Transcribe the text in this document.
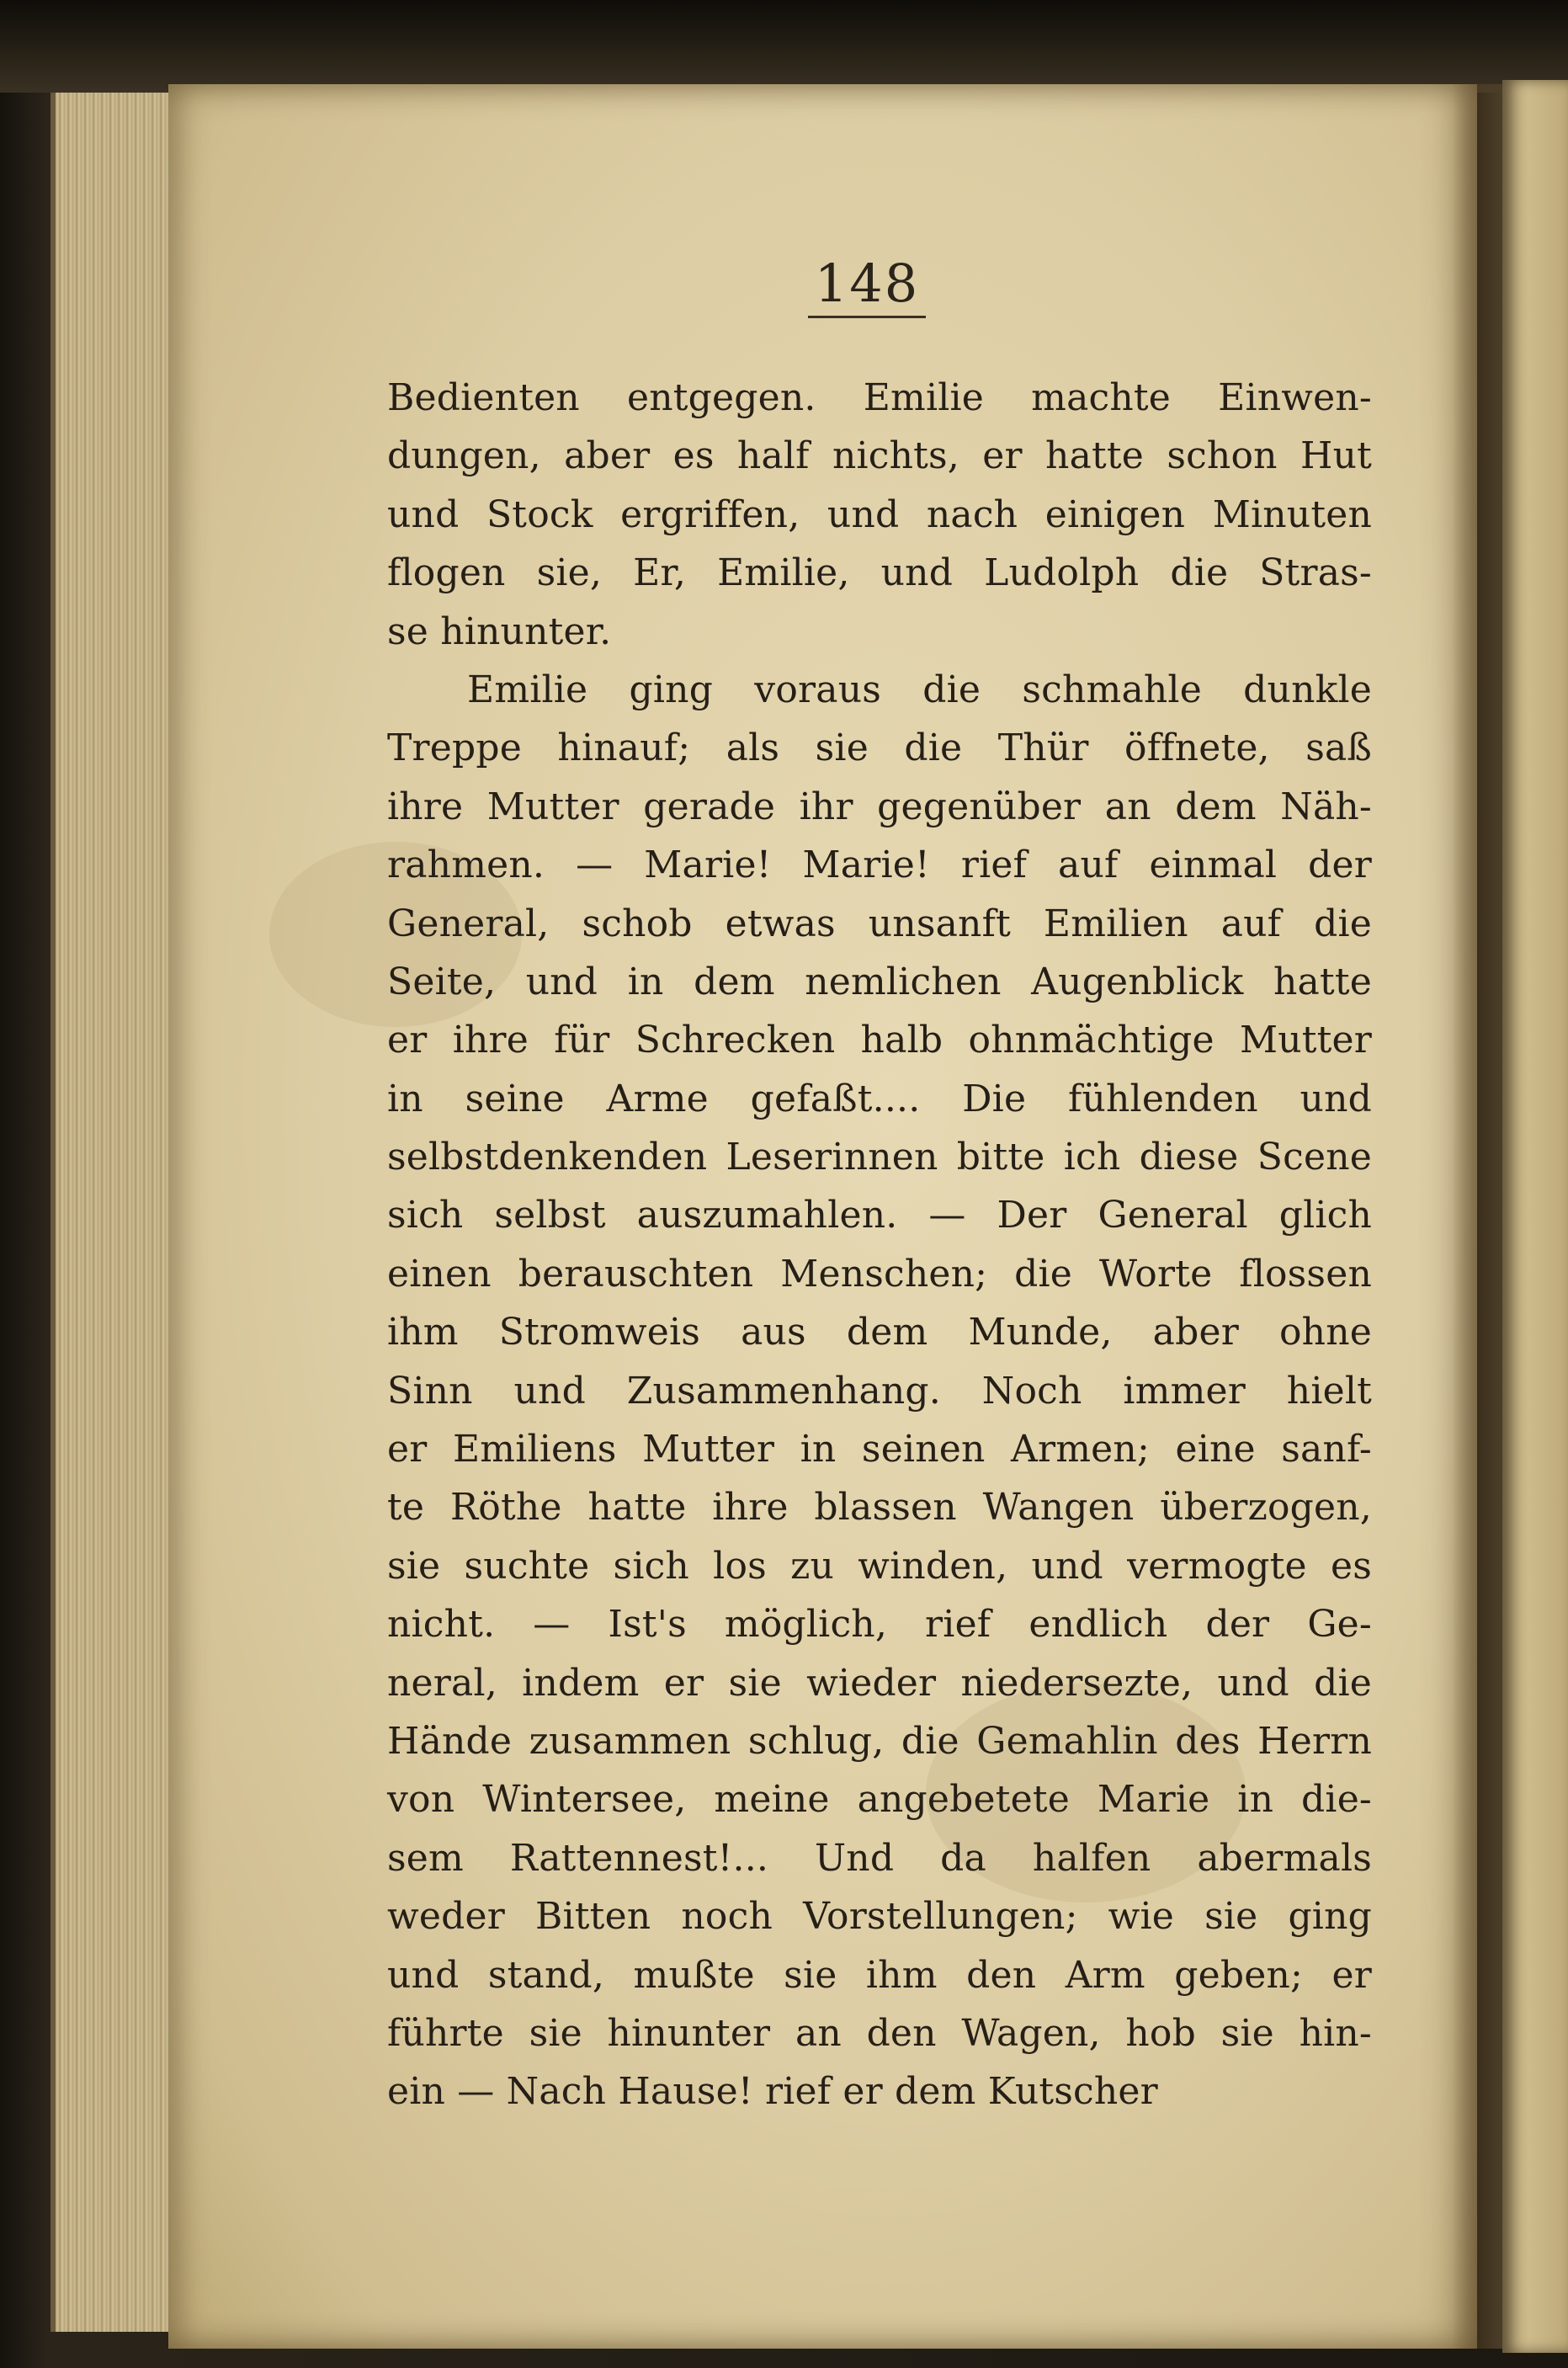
148
Bedienten entgegen. Emilie machte Einwen-
dungen, aber es half nichts, er hatte schon Hut
und Stock ergriffen, und nach einigen Minuten
flogen sie, Er, Emilie, und Ludolph die Stras-
se hinunter.
Emilie ging voraus die schmahle dunkle
Treppe hinauf; als sie die Thür öffnete, saß
ihre Mutter gerade ihr gegenüber an dem Näh-
rahmen. — Marie! Marie! rief auf einmal der
General, schob etwas unsanft Emilien auf die
Seite, und in dem nemlichen Augenblick hatte
er ihre für Schrecken halb ohnmächtige Mutter
in seine Arme gefaßt.... Die fühlenden und
selbstdenkenden Leserinnen bitte ich diese Scene
sich selbst auszumahlen. — Der General glich
einen berauschten Menschen; die Worte flossen
ihm Stromweis aus dem Munde, aber ohne
Sinn und Zusammenhang. Noch immer hielt
er Emiliens Mutter in seinen Armen; eine sanf-
te Röthe hatte ihre blassen Wangen überzogen,
sie suchte sich los zu winden, und vermogte es
nicht. — Ist's möglich, rief endlich der Ge-
neral, indem er sie wieder niedersezte, und die
Hände zusammen schlug, die Gemahlin des Herrn
von Wintersee, meine angebetete Marie in die-
sem Rattennest!... Und da halfen abermals
weder Bitten noch Vorstellungen; wie sie ging
und stand, mußte sie ihm den Arm geben; er
führte sie hinunter an den Wagen, hob sie hin-
ein — Nach Hause! rief er dem Kutscher
